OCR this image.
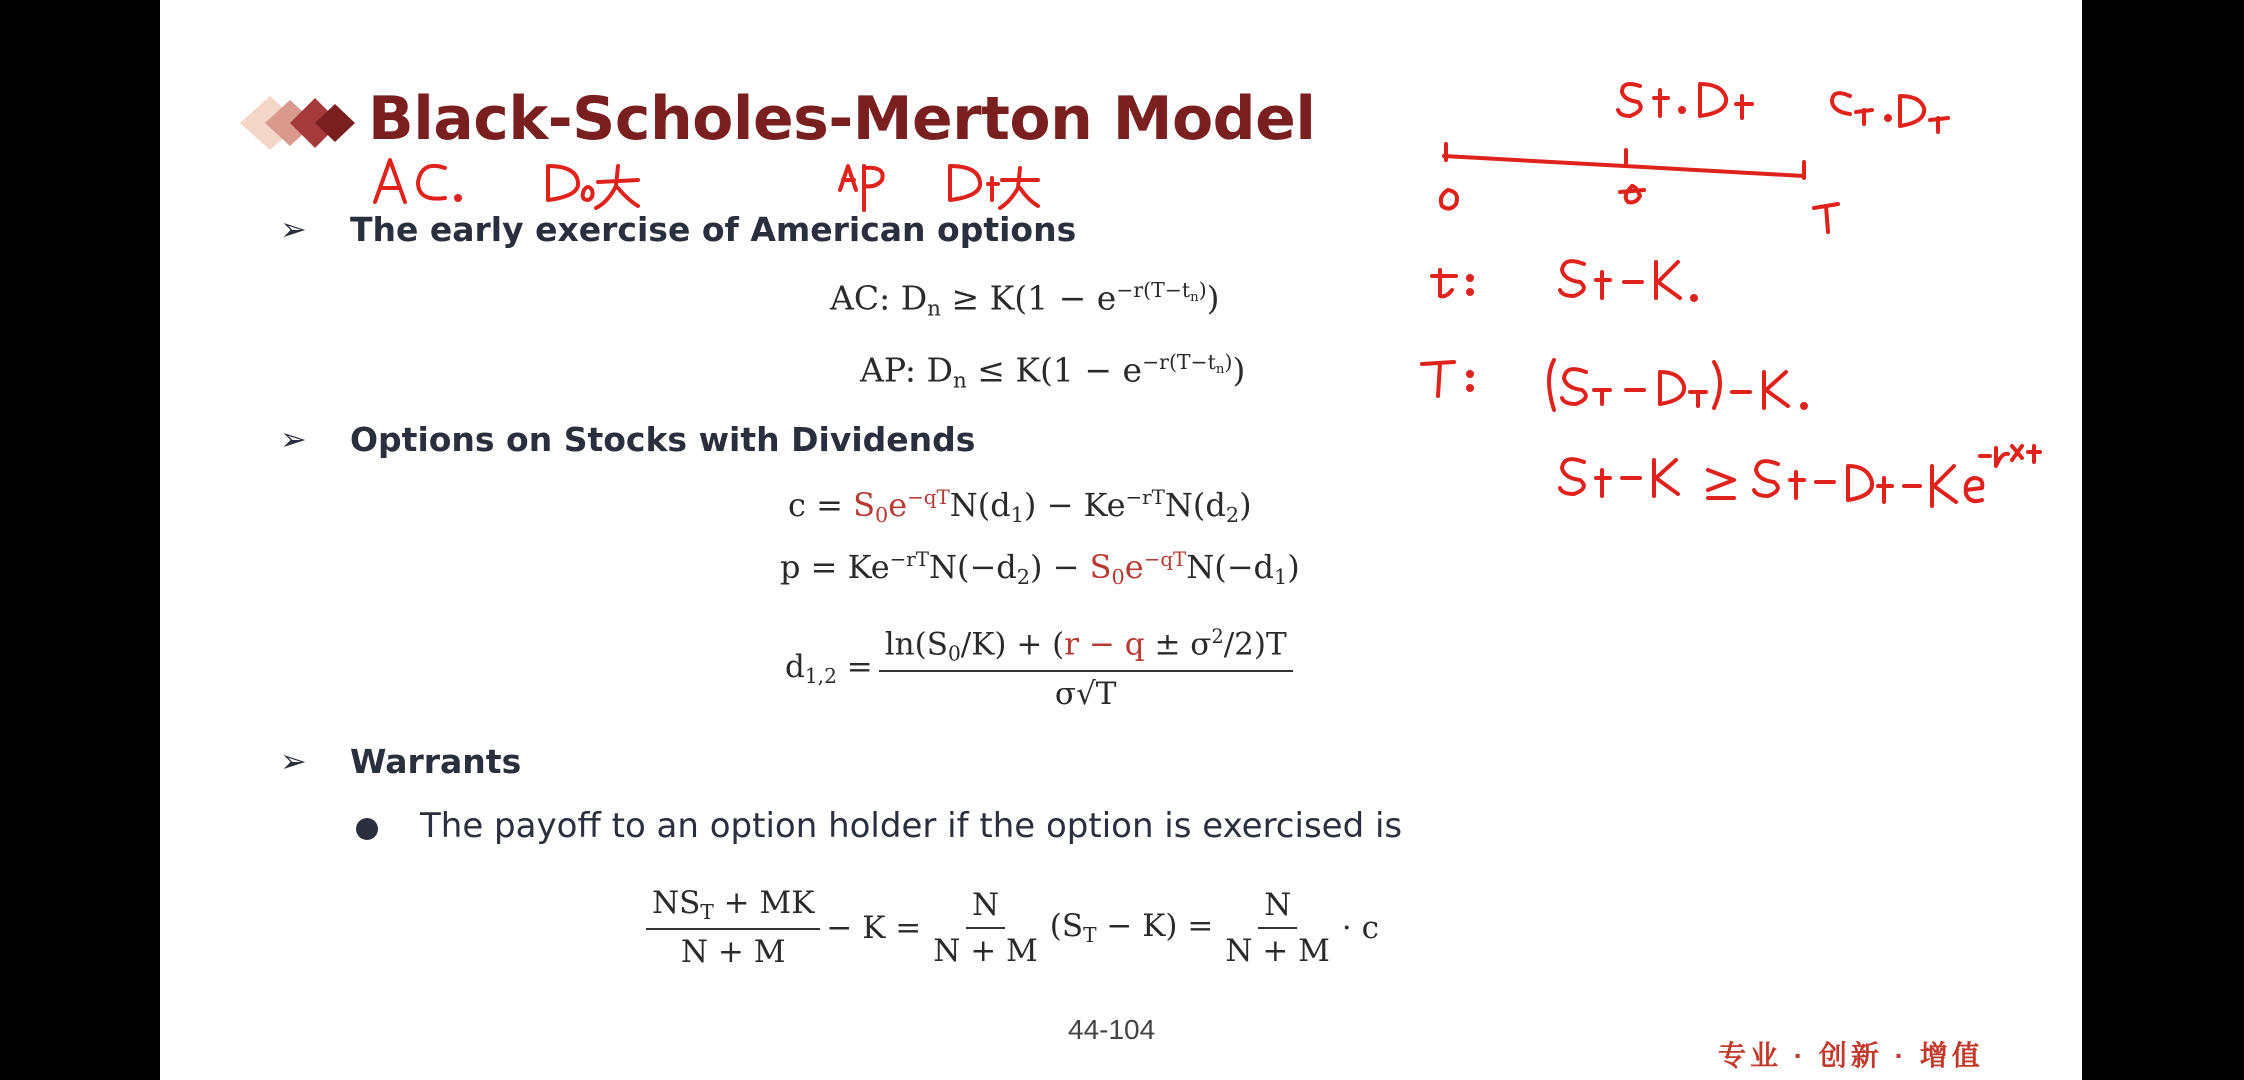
Black-Scholes-Merton Model
➢ The early exercise of American options
AC: $D_n \ge K(1 - e^{-r(T-t_n)})$
AP: $D_n \le K(1 - e^{-r(T-t_n)})$
➢ Options on Stocks with Dividends
$c = S_0e^{-qT}N(d_1) - Ke^{-rT}N(d_2)$
$p = Ke^{-rT}N(-d_2) - S_0e^{-qT}N(-d_1)$
$d_{1,2} = \frac{\ln(S_0/K) + (r - q \pm \sigma^2/2)T}{\sigma√T}$
➢ Warrants
The payoff to an option holder if the option is exercised is
$\frac{NS_T + MK}{N + M} - K = \frac{N}{N + M} (S_T - K) = \frac{N}{N + M} \cdot c$
44-104
专业 · 创新 · 增值
